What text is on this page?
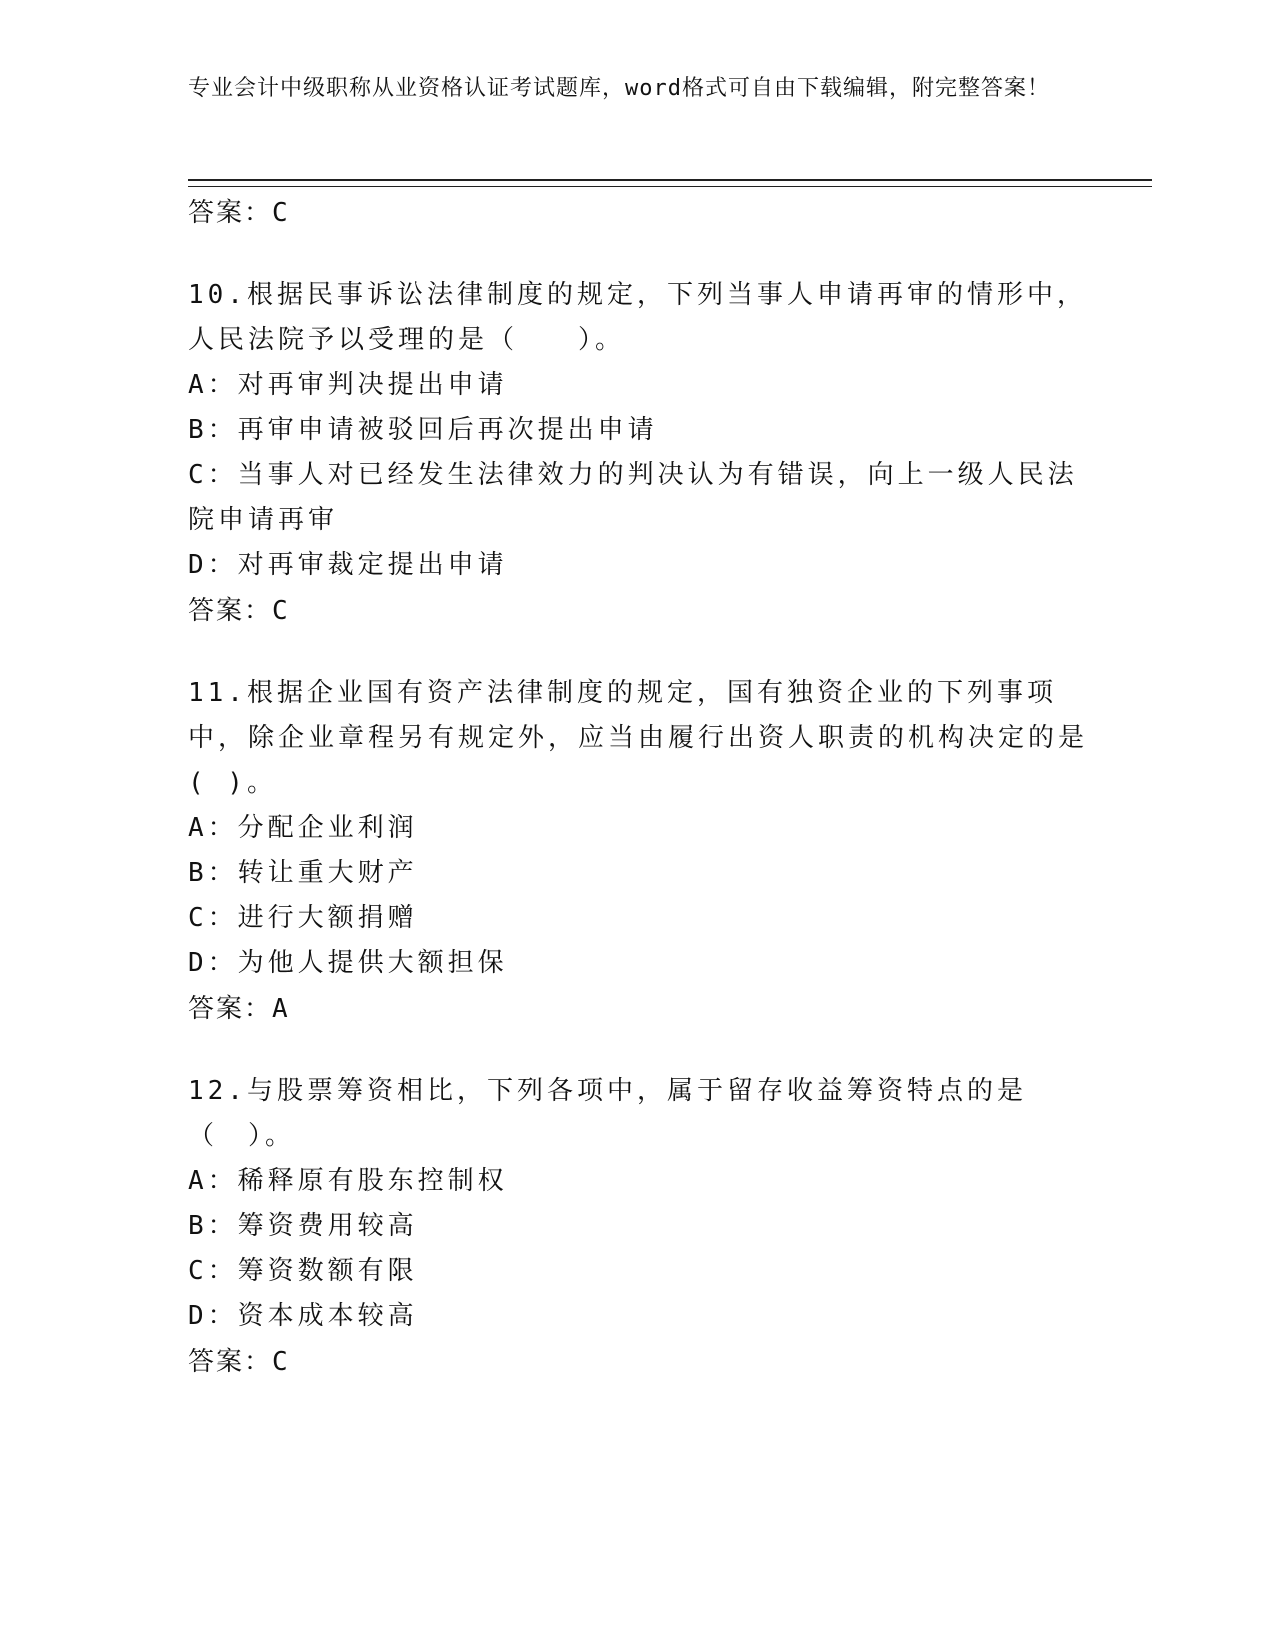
专业会计中级职称从业资格认证考试题库，word格式可自由下载编辑，附完整答案！
答案：C
10.根据民事诉讼法律制度的规定，下列当事人申请再审的情形中，人民法院予以受理的是（　　）。
A：对再审判决提出申请
B：再审申请被驳回后再次提出申请
C：当事人对已经发生法律效力的判决认为有错误，向上一级人民法院申请再审
D：对再审裁定提出申请
答案：C
11.根据企业国有资产法律制度的规定，国有独资企业的下列事项中，除企业章程另有规定外，应当由履行出资人职责的机构决定的是( )。
A：分配企业利润
B：转让重大财产
C：进行大额捐赠
D：为他人提供大额担保
答案：A
12.与股票筹资相比，下列各项中，属于留存收益筹资特点的是（　）。
A：稀释原有股东控制权
B：筹资费用较高
C：筹资数额有限
D：资本成本较高
答案：C
